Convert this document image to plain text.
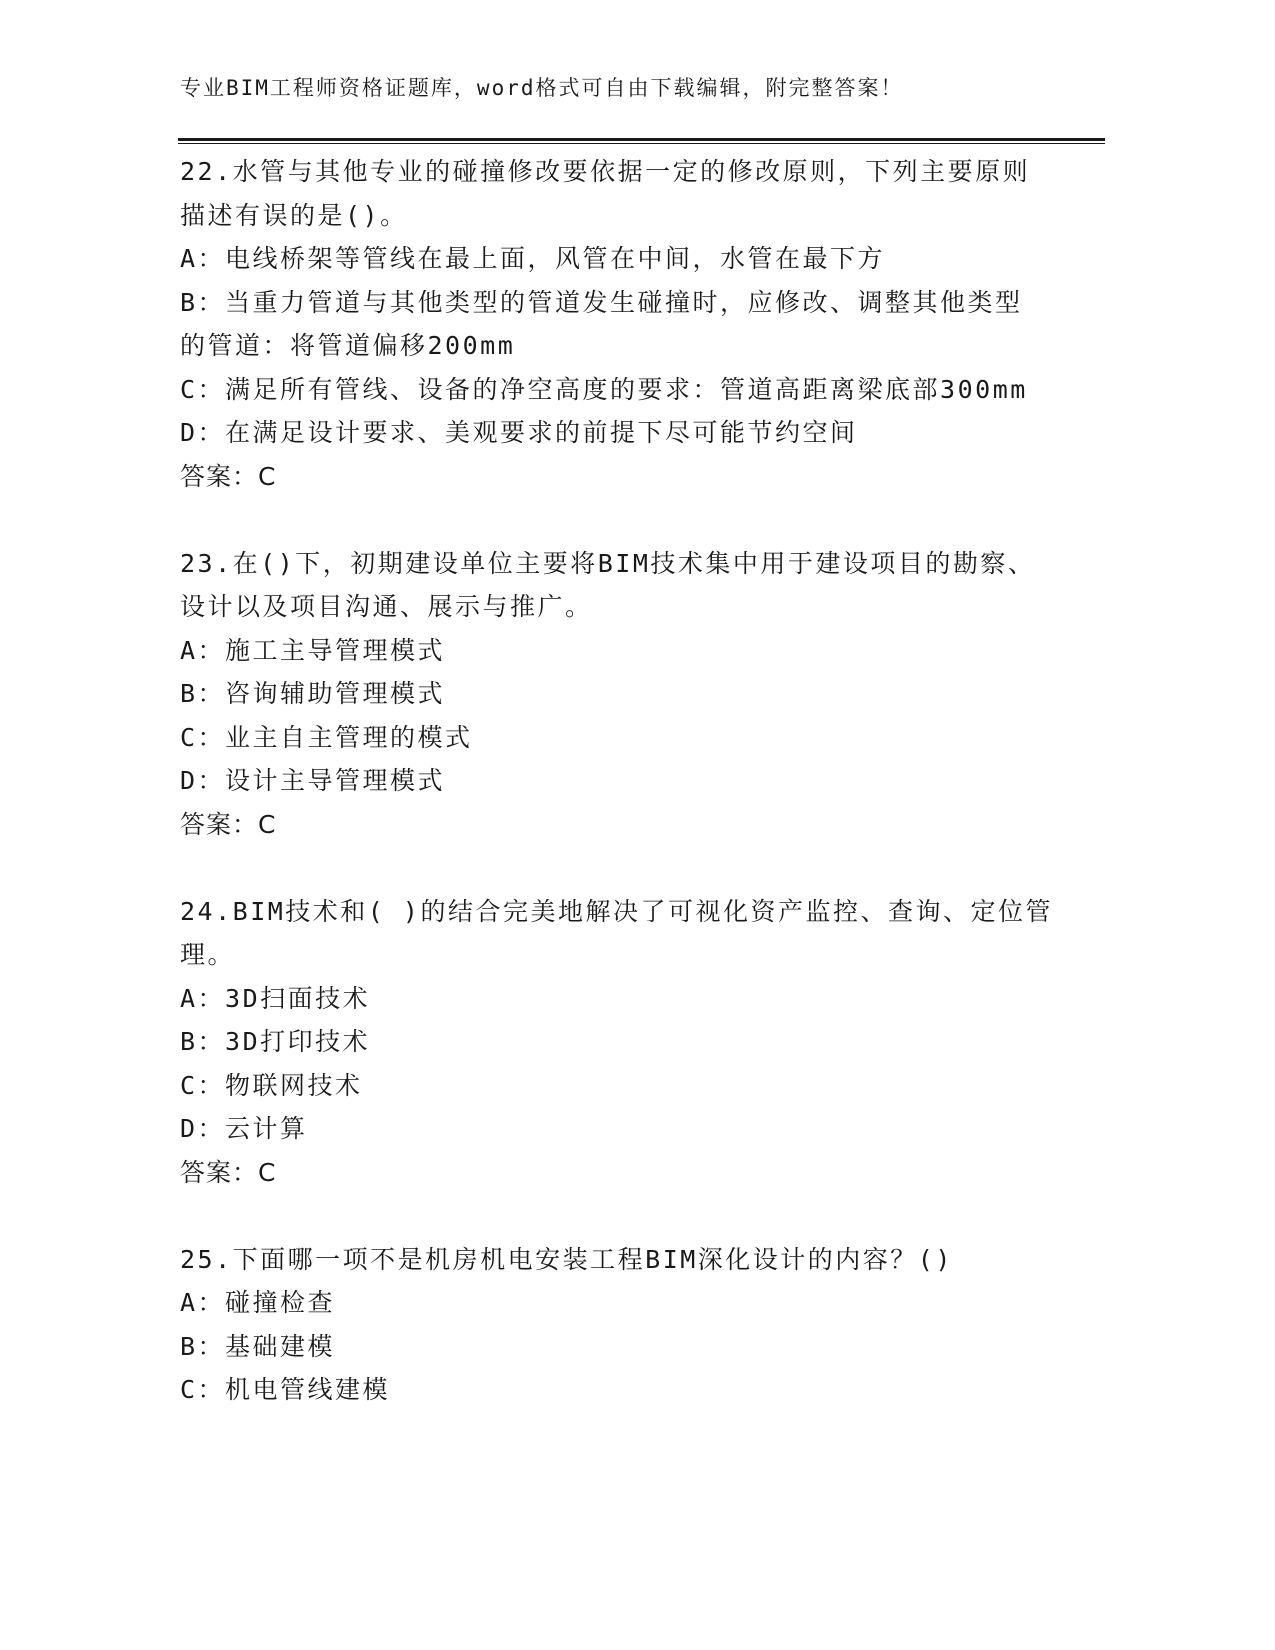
专业BIM工程师资格证题库，word格式可自由下载编辑，附完整答案！
22.水管与其他专业的碰撞修改要依据一定的修改原则，下列主要原则
描述有误的是()。
A：电线桥架等管线在最上面，风管在中间，水管在最下方
B：当重力管道与其他类型的管道发生碰撞时，应修改、调整其他类型
的管道：将管道偏移200mm
C：满足所有管线、设备的净空高度的要求：管道高距离梁底部300mm
D：在满足设计要求、美观要求的前提下尽可能节约空间
答案：C
23.在()下，初期建设单位主要将BIM技术集中用于建设项目的勘察、
设计以及项目沟通、展示与推广。
A：施工主导管理模式
B：咨询辅助管理模式
C：业主自主管理的模式
D：设计主导管理模式
答案：C
24.BIM技术和( )的结合完美地解决了可视化资产监控、查询、定位管
理。
A：3D扫面技术
B：3D打印技术
C：物联网技术
D：云计算
答案：C
25.下面哪一项不是机房机电安装工程BIM深化设计的内容？()
A：碰撞检查
B：基础建模
C：机电管线建模
